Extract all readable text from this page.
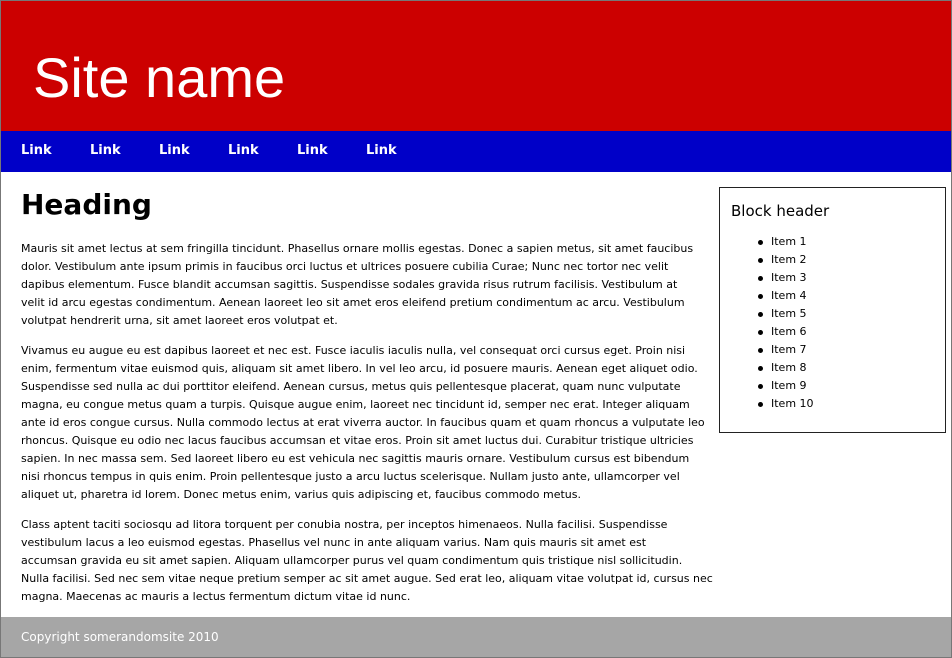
Site name
Link	Link	Link	Link	Link	Link
Heading
Mauris sit amet lectus at sem fringilla tincidunt. Phasellus ornare mollis egestas. Donec a sapien metus, sit amet faucibus
dolor. Vestibulum ante ipsum primis in faucibus orci luctus et ultrices posuere cubilia Curae; Nunc nec tortor nec velit
dapibus elementum. Fusce blandit accumsan sagittis. Suspendisse sodales gravida risus rutrum facilisis. Vestibulum at
velit id arcu egestas condimentum. Aenean laoreet leo sit amet eros eleifend pretium condimentum ac arcu. Vestibulum
volutpat hendrerit urna, sit amet laoreet eros volutpat et.
Vivamus eu augue eu est dapibus laoreet et nec est. Fusce iaculis iaculis nulla, vel consequat orci cursus eget. Proin nisi
enim, fermentum vitae euismod quis, aliquam sit amet libero. In vel leo arcu, id posuere mauris. Aenean eget aliquet odio.
Suspendisse sed nulla ac dui porttitor eleifend. Aenean cursus, metus quis pellentesque placerat, quam nunc vulputate
magna, eu congue metus quam a turpis. Quisque augue enim, laoreet nec tincidunt id, semper nec erat. Integer aliquam
ante id eros congue cursus. Nulla commodo lectus at erat viverra auctor. In faucibus quam et quam rhoncus a vulputate leo
rhoncus. Quisque eu odio nec lacus faucibus accumsan et vitae eros. Proin sit amet luctus dui. Curabitur tristique ultricies
sapien. In nec massa sem. Sed laoreet libero eu est vehicula nec sagittis mauris ornare. Vestibulum cursus est bibendum
nisi rhoncus tempus in quis enim. Proin pellentesque justo a arcu luctus scelerisque. Nullam justo ante, ullamcorper vel
aliquet ut, pharetra id lorem. Donec metus enim, varius quis adipiscing et, faucibus commodo metus.
Class aptent taciti sociosqu ad litora torquent per conubia nostra, per inceptos himenaeos. Nulla facilisi. Suspendisse
vestibulum lacus a leo euismod egestas. Phasellus vel nunc in ante aliquam varius. Nam quis mauris sit amet est
accumsan gravida eu sit amet sapien. Aliquam ullamcorper purus vel quam condimentum quis tristique nisl sollicitudin.
Nulla facilisi. Sed nec sem vitae neque pretium semper ac sit amet augue. Sed erat leo, aliquam vitae volutpat id, cursus nec
magna. Maecenas ac mauris a lectus fermentum dictum vitae id nunc.
Block header
Item 1
Item 2
Item 3
Item 4
Item 5
Item 6
Item 7
Item 8
Item 9
Item 10
Copyright somerandomsite 2010
